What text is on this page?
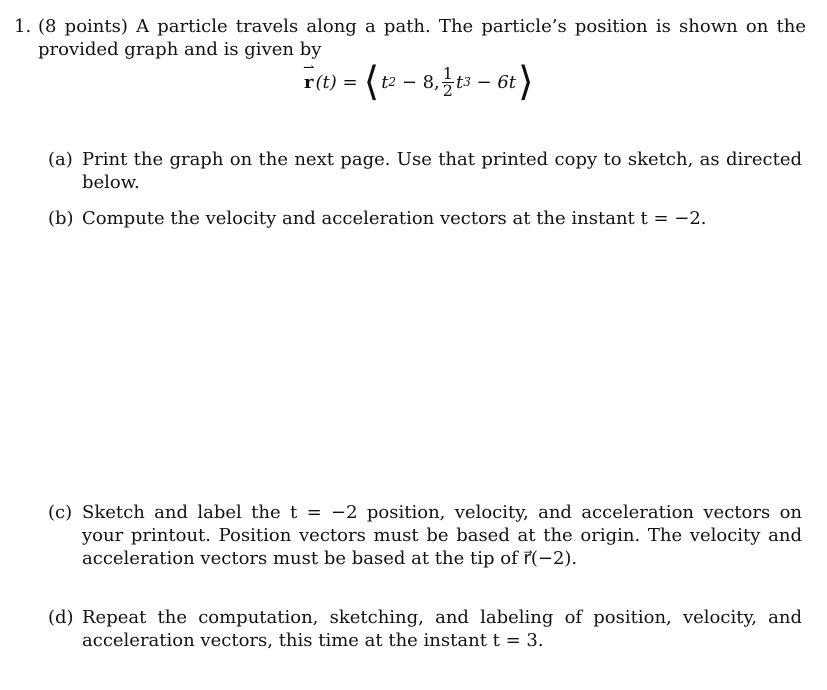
1. (8 points) A particle travels along a path. The particle’s position is shown on the provided graph and is given by
⇀
r (t) = ⟨ t 2 − 8, $\frac{1}{2}$ t 3 − 6t ⟩
(a) Print the graph on the next page. Use that printed copy to sketch, as directed below.
(b) Compute the velocity and acceleration vectors at the instant t = −2.
(c) Sketch and label the t = −2 position, velocity, and acceleration vectors on your printout. Position vectors must be based at the origin. The velocity and acceleration vectors must be based at the tip of r⃗(−2).
(d) Repeat the computation, sketching, and labeling of position, velocity, and acceleration vectors, this time at the instant t = 3.
